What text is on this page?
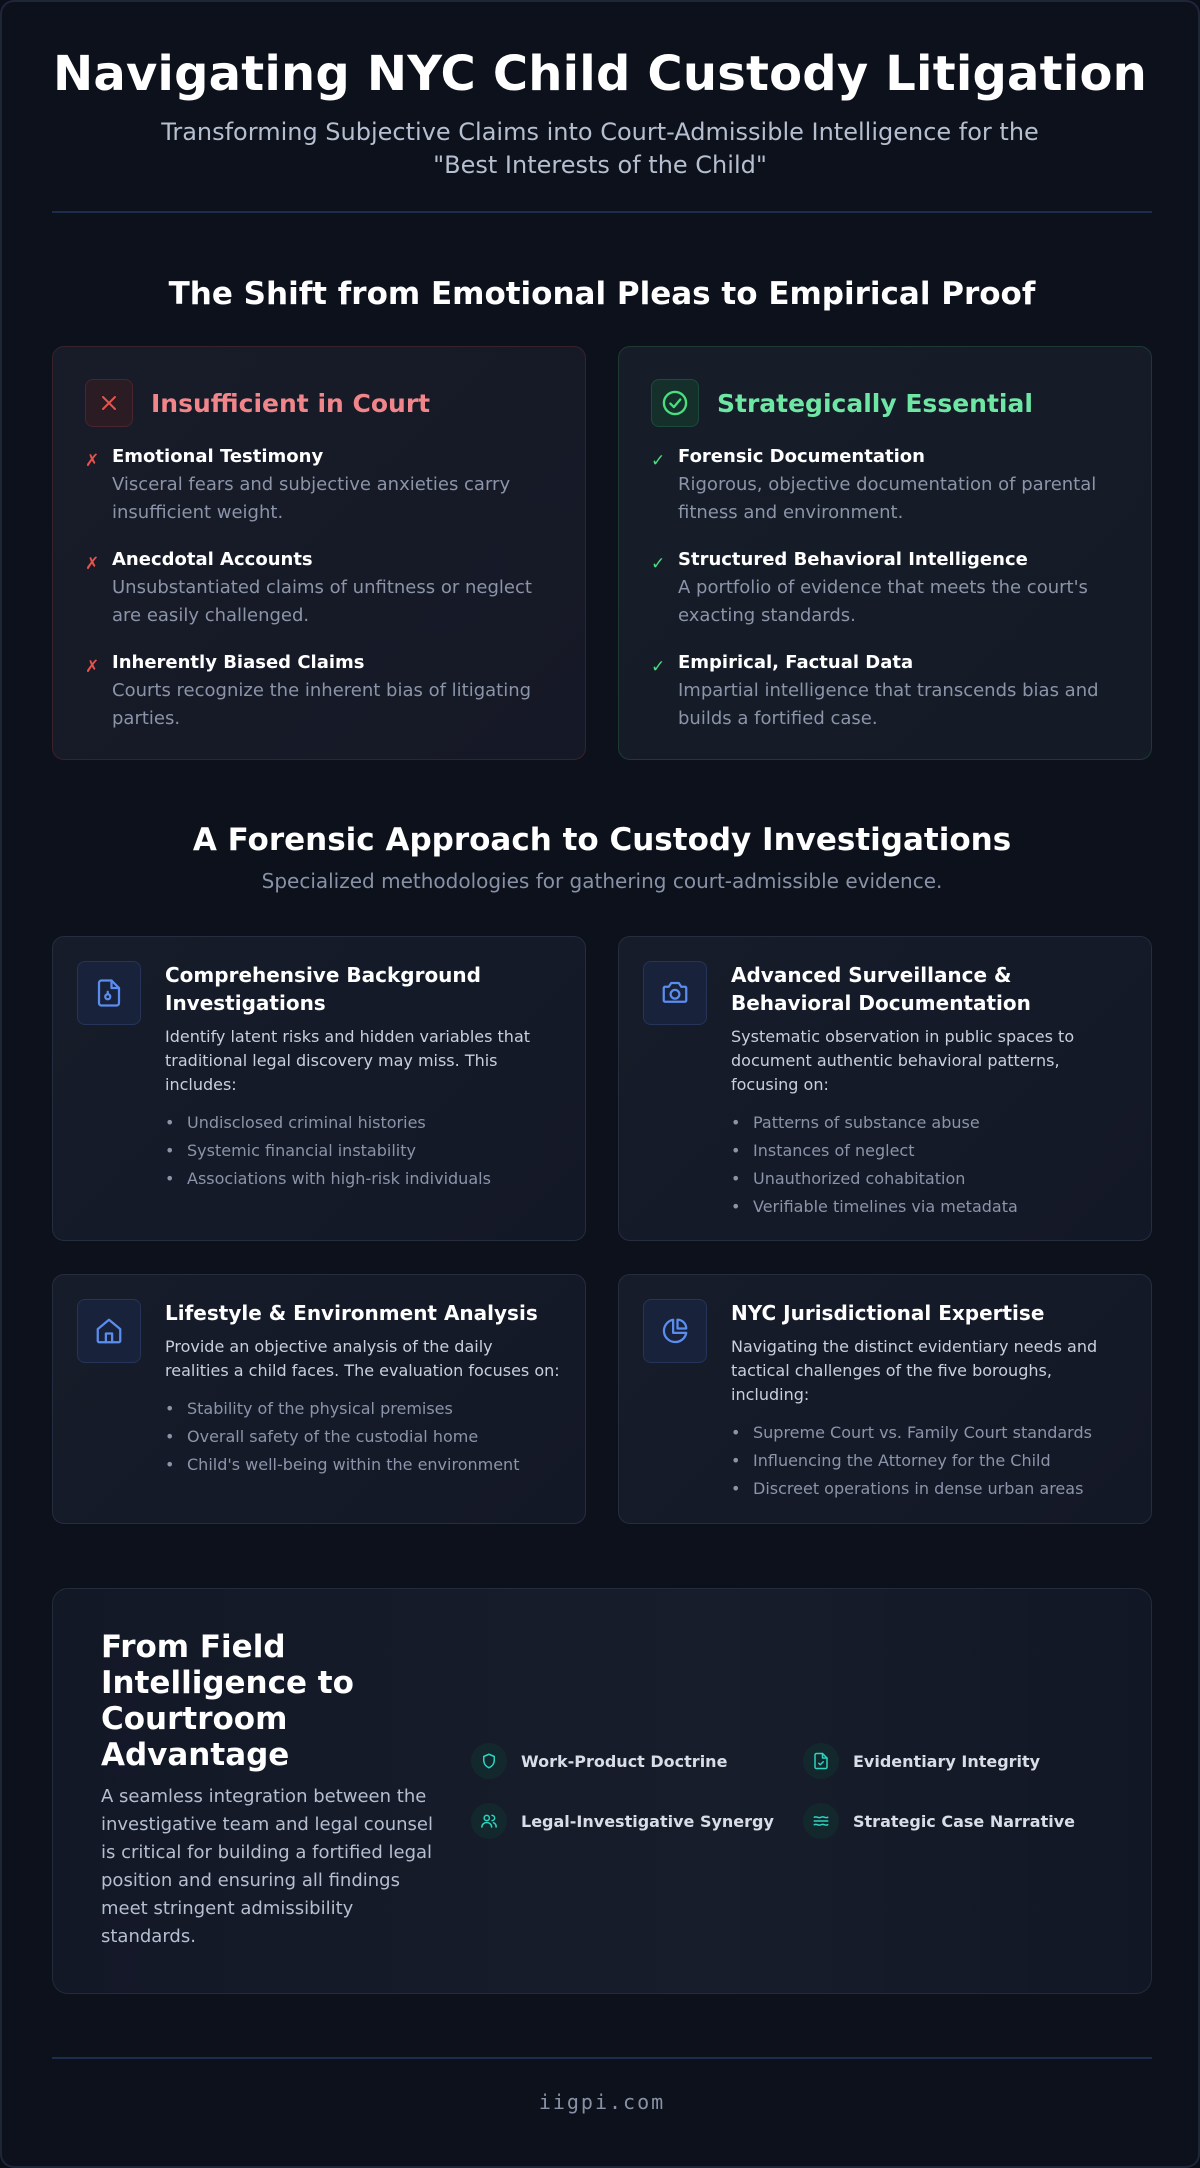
Navigating NYC Child Custody Litigation
Transforming Subjective Claims into Court-Admissible Intelligence for the "Best Interests of the Child"
The Shift from Emotional Pleas to Empirical Proof
Insufficient in Court
✗ Emotional Testimony
Visceral fears and subjective anxieties carry insufficient weight.
✗ Anecdotal Accounts
Unsubstantiated claims of unfitness or neglect are easily challenged.
✗ Inherently Biased Claims
Courts recognize the inherent bias of litigating parties.
Strategically Essential
✓ Forensic Documentation
Rigorous, objective documentation of parental fitness and environment.
✓ Structured Behavioral Intelligence
A portfolio of evidence that meets the court's exacting standards.
✓ Empirical, Factual Data
Impartial intelligence that transcends bias and builds a fortified case.
A Forensic Approach to Custody Investigations
Specialized methodologies for gathering court-admissible evidence.
Comprehensive Background Investigations
Identify latent risks and hidden variables that traditional legal discovery may miss. This includes:
• Undisclosed criminal histories
• Systemic financial instability
• Associations with high-risk individuals
Advanced Surveillance & Behavioral Documentation
Systematic observation in public spaces to document authentic behavioral patterns, focusing on:
• Patterns of substance abuse
• Instances of neglect
• Unauthorized cohabitation
• Verifiable timelines via metadata
Lifestyle & Environment Analysis
Provide an objective analysis of the daily realities a child faces. The evaluation focuses on:
• Stability of the physical premises
• Overall safety of the custodial home
• Child's well-being within the environment
NYC Jurisdictional Expertise
Navigating the distinct evidentiary needs and tactical challenges of the five boroughs, including:
• Supreme Court vs. Family Court standards
• Influencing the Attorney for the Child
• Discreet operations in dense urban areas
From Field Intelligence to Courtroom Advantage
A seamless integration between the investigative team and legal counsel is critical for building a fortified legal position and ensuring all findings meet stringent admissibility standards.
Work-Product Doctrine	Evidentiary Integrity
Legal-Investigative Synergy	Strategic Case Narrative
iigpi.com
